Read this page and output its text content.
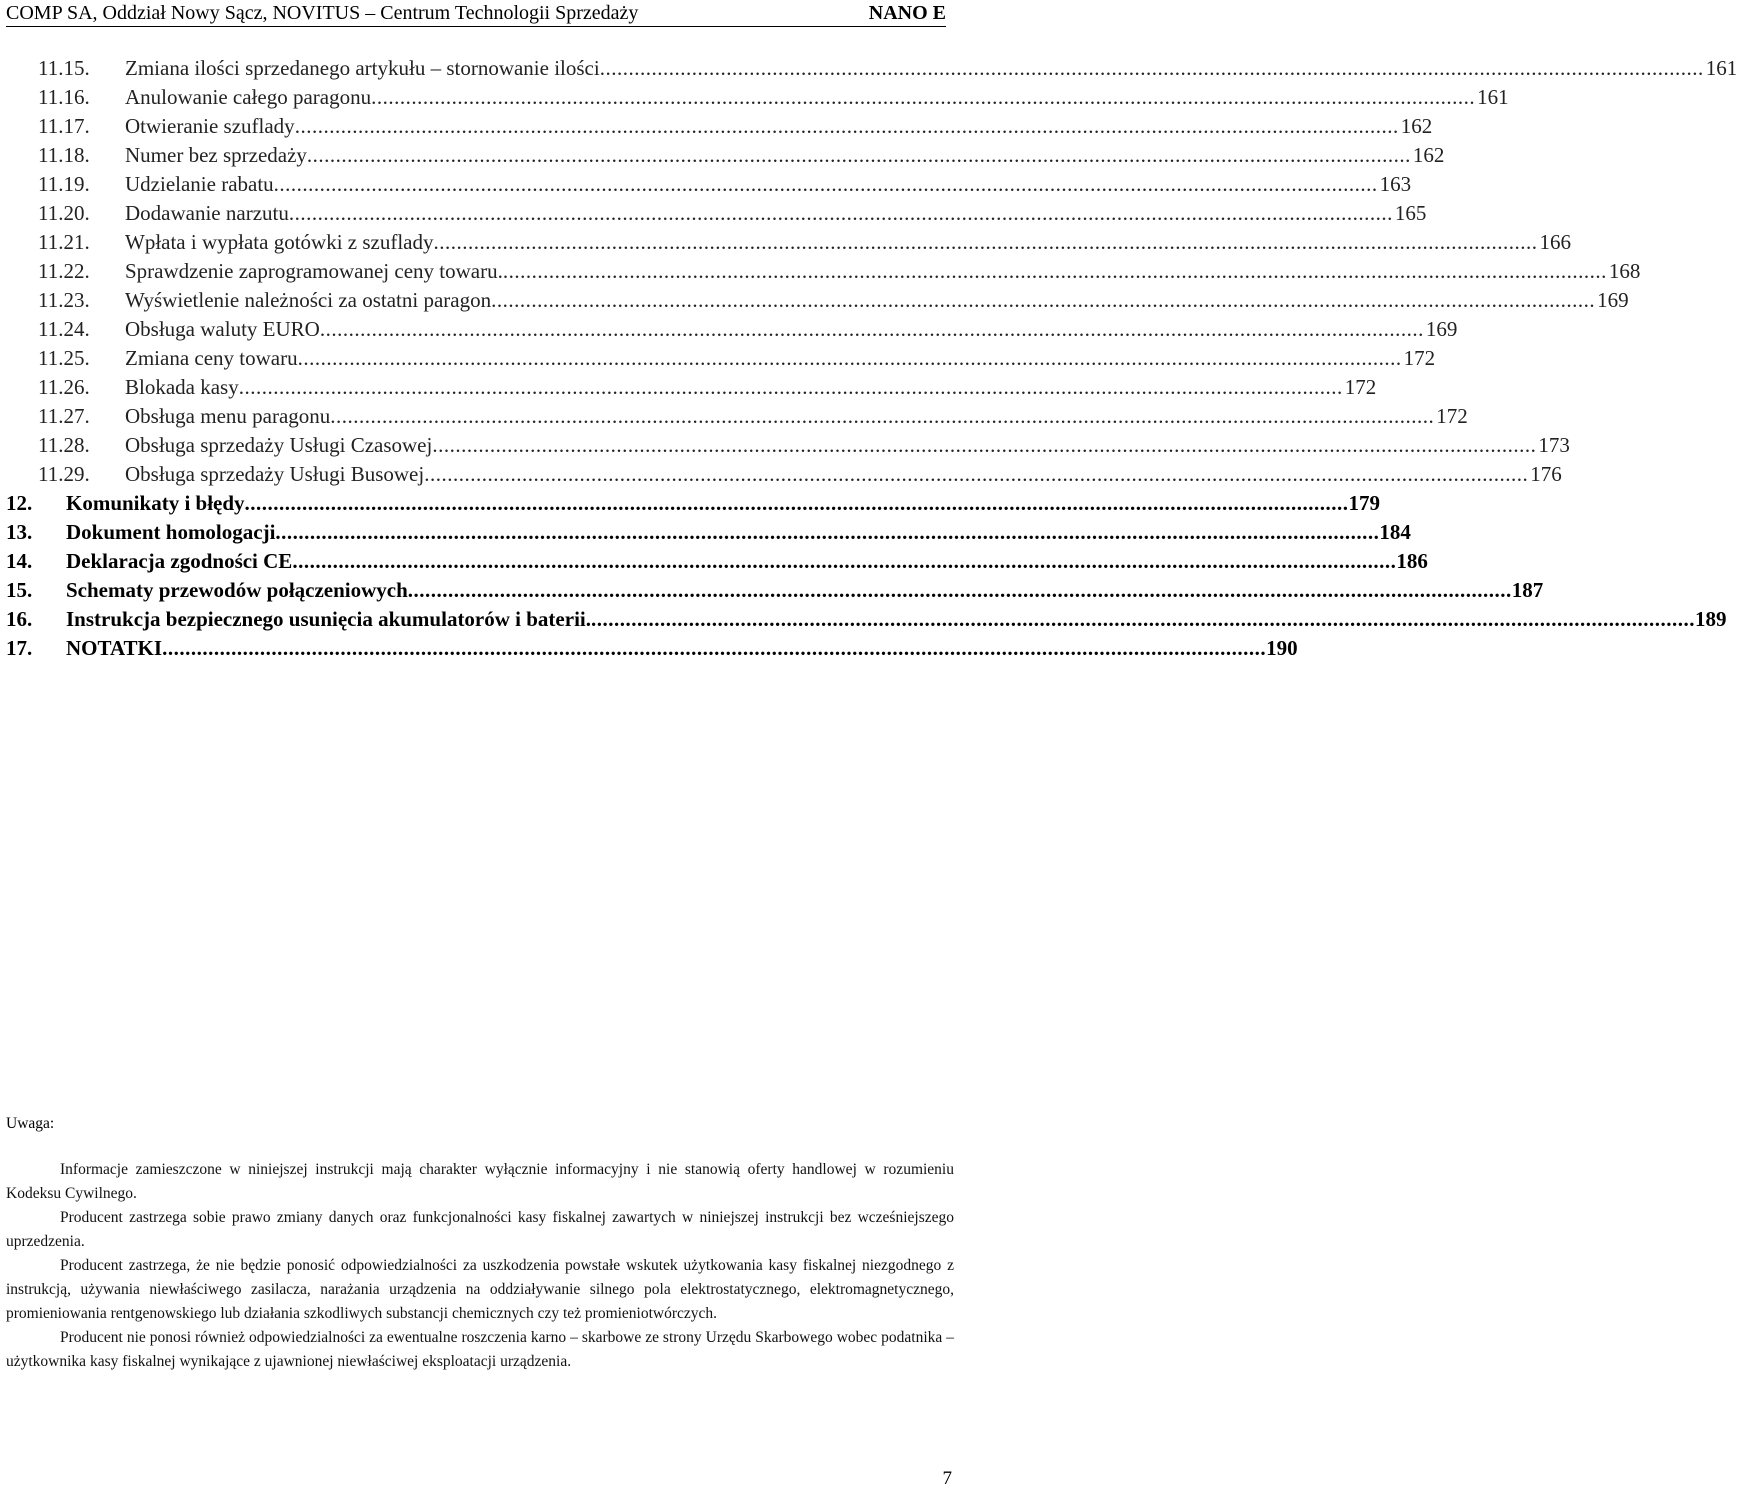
COMP SA, Oddział Nowy Sącz, NOVITUS – Centrum Technologii Sprzedaży	NANO E
11.15.	Zmiana ilości sprzedanego artykułu – stornowanie ilości ................................................................................................................................................................................................ 161
11.16.	Anulowanie całego paragonu ................................................................................................................................................................................................ 161
11.17.	Otwieranie szuflady ................................................................................................................................................................................................ 162
11.18.	Numer bez sprzedaży ................................................................................................................................................................................................ 162
11.19.	Udzielanie rabatu ................................................................................................................................................................................................ 163
11.20.	Dodawanie narzutu ................................................................................................................................................................................................ 165
11.21.	Wpłata i wypłata gotówki z szuflady ................................................................................................................................................................................................ 166
11.22.	Sprawdzenie zaprogramowanej ceny towaru. ................................................................................................................................................................................................ 168
11.23.	Wyświetlenie należności za ostatni paragon ................................................................................................................................................................................................ 169
11.24.	Obsługa waluty EURO ................................................................................................................................................................................................ 169
11.25.	Zmiana ceny towaru ................................................................................................................................................................................................ 172
11.26.	Blokada kasy ................................................................................................................................................................................................ 172
11.27.	Obsługa menu paragonu ................................................................................................................................................................................................ 172
11.28.	Obsługa sprzedaży Usługi Czasowej ................................................................................................................................................................................................ 173
11.29.	Obsługa sprzedaży Usługi Busowej ................................................................................................................................................................................................ 176
12.	Komunikaty i błędy ................................................................................................................................................................................................ 179
13.	Dokument homologacji ................................................................................................................................................................................................ 184
14.	Deklaracja zgodności CE ................................................................................................................................................................................................ 186
15.	Schematy przewodów połączeniowych ................................................................................................................................................................................................ 187
16.	Instrukcja bezpiecznego usunięcia akumulatorów i baterii. ................................................................................................................................................................................................ 189
17.	NOTATKI ................................................................................................................................................................................................ 190
Uwaga:

Informacje zamieszczone w niniejszej instrukcji mają charakter wyłącznie informacyjny i nie stanowią oferty handlowej w rozumieniu Kodeksu Cywilnego.

Producent zastrzega sobie prawo zmiany danych oraz funkcjonalności kasy fiskalnej zawartych w niniejszej instrukcji bez wcześniejszego uprzedzenia.

Producent zastrzega, że nie będzie ponosić odpowiedzialności za uszkodzenia powstałe wskutek użytkowania kasy fiskalnej niezgodnego z instrukcją, używania niewłaściwego zasilacza, narażania urządzenia na oddziaływanie silnego pola elektrostatycznego, elektromagnetycznego, promieniowania rentgenowskiego lub działania szkodliwych substancji chemicznych czy też promieniotwórczych.

Producent nie ponosi również odpowiedzialności za ewentualne roszczenia karno – skarbowe ze strony Urzędu Skarbowego wobec podatnika – użytkownika kasy fiskalnej wynikające z ujawnionej niewłaściwej eksploatacji urządzenia.

7
